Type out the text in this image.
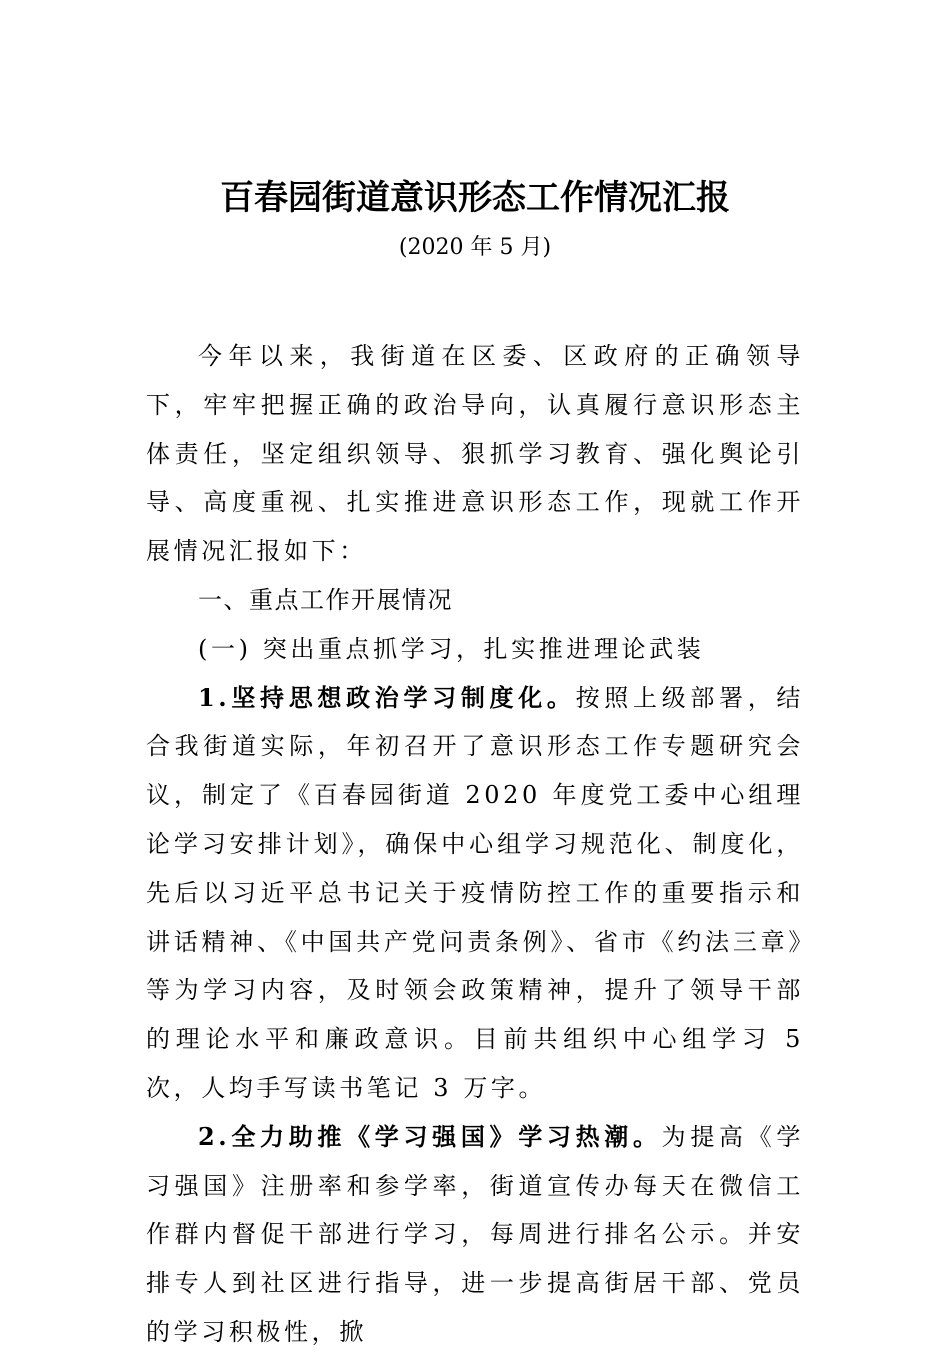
百春园街道意识形态工作情况汇报
(2020 年 5 月)

今年以来，我街道在区委、区政府的正确领导下，牢牢把握正确的政治导向，认真履行意识形态主体责任，坚定组织领导、狠抓学习教育、强化舆论引导、高度重视、扎实推进意识形态工作，现就工作开展情况汇报如下：

一、重点工作开展情况

(一) 突出重点抓学习，扎实推进理论武装

1.坚持思想政治学习制度化。按照上级部署，结合我街道实际，年初召开了意识形态工作专题研究会议，制定了《百春园街道 2020 年度党工委中心组理论学习安排计划》，确保中心组学习规范化、制度化，先后以习近平总书记关于疫情防控工作的重要指示和讲话精神、《中国共产党问责条例》、省市《约法三章》等为学习内容，及时领会政策精神，提升了领导干部的理论水平和廉政意识。目前共组织中心组学习 5 次，人均手写读书笔记 3 万字。

2.全力助推《学习强国》学习热潮。为提高《学习强国》注册率和参学率，街道宣传办每天在微信工作群内督促干部进行学习，每周进行排名公示。并安排专人到社区进行指导，进一步提高街居干部、党员的学习积极性，掀
